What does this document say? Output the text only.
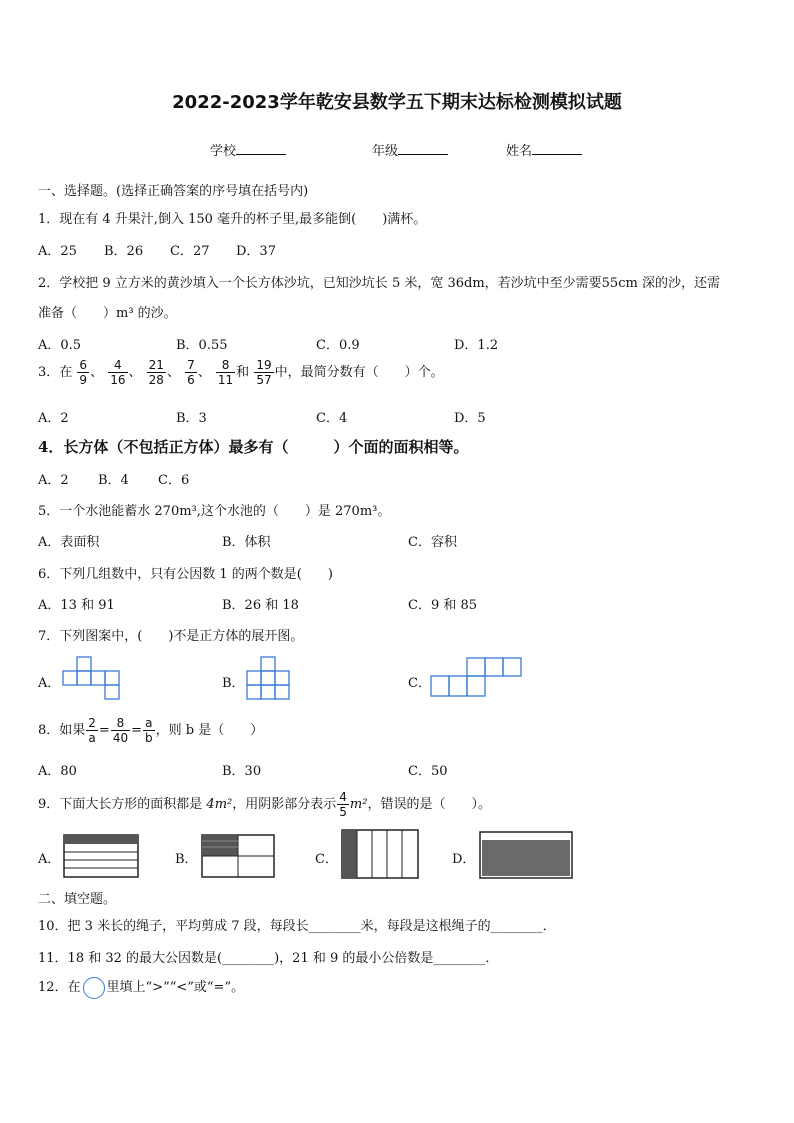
2022-2023学年乾安县数学五下期末达标检测模拟试题
学校	年级	姓名
一、选择题。(选择正确答案的序号填在括号内)
1．现在有 4 升果汁,倒入 150 毫升的杯子里,最多能倒(　　)满杯。
A．25 B．26 C．27 D．37
2．学校把 9 立方米的黄沙填入一个长方体沙坑，已知沙坑长 5 米，宽 36dm，若沙坑中至少需要55cm 深的沙，还需
准备（　　）m³ 的沙。
A．0.5	B．0.55	C．0.9	D．1.2
3．在 $\frac{6}{9}$ 、 $\frac{4}{16}$ 、 $\frac{21}{28}$ 、 $\frac{7}{6}$ 、 $\frac{8}{11}$ 和 $\frac{19}{57}$ 中，最简分数有（　　）个。
A．2	B．3	C．4	D．5
4．长方体（不包括正方体）最多有（　　　）个面的面积相等。
A．2 B．4 C．6
5．一个水池能蓄水 270m³,这个水池的（　　）是 270m³。
A．表面积	B．体积	C．容积
6．下列几组数中，只有公因数 1 的两个数是(　　)
A．13 和 91	B．26 和 18	C．9 和 85
7．下列图案中，(　　)不是正方体的展开图。
A．	B．	C．
8．如果 $\frac{2}{a} = \frac{8}{40} = \frac{a}{b}$ ，则 b 是（　　）
A．80	B．30	C．50
9．下面大长方形的面积都是 4m²，用阴影部分表示 $\frac{4}{5} m^2$，错误的是（　　）。
A．	B．	C．	D．
二、填空题。
10．把 3 米长的绳子，平均剪成 7 段，每段长________米，每段是这根绳子的________．
11．18 和 32 的最大公因数是(________)，21 和 9 的最小公倍数是________．
12．在 里填上“>”“<”或“=”。
